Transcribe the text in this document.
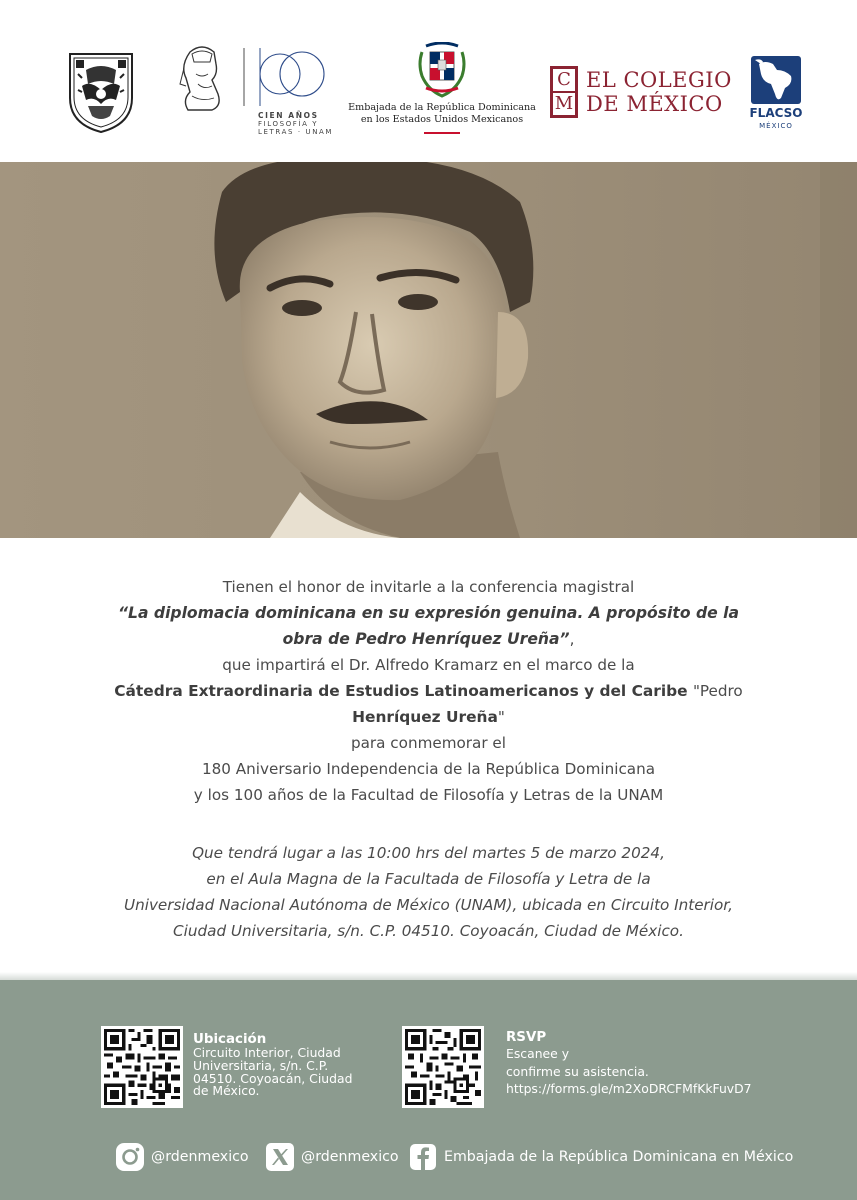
CIEN AÑOS
FILOSOFÍA Y
LETRAS · UNAM
Embajada de la República Dominicana
en los Estados Unidos Mexicanos
C
M
EL COLEGIO
DE MÉXICO	FLACSO
MÉXICO
Tienen el honor de invitarle a la conferencia magistral
“La diplomacia dominicana en su expresión genuina. A propósito de la
obra de Pedro Henríquez Ureña”,
que impartirá el Dr. Alfredo Kramarz en el marco de la
Cátedra Extraordinaria de Estudios Latinoamericanos y del Caribe "Pedro
Henríquez Ureña"
para conmemorar el
180 Aniversario Independencia de la República Dominicana
y los 100 años de la Facultad de Filosofía y Letras de la UNAM
Que tendrá lugar a las 10:00 hrs del martes 5 de marzo 2024,
en el Aula Magna de la Facultada de Filosofía y Letra de la
Universidad Nacional Autónoma de México (UNAM), ubicada en Circuito Interior,
Ciudad Universitaria, s/n. C.P. 04510. Coyoacán, Ciudad de México.
Ubicación
Circuito Interior, Ciudad
Universitaria, s/n. C.P.
04510. Coyoacán, Ciudad
de México.
RSVP
Escanee y
confirme su asistencia.
https://forms.gle/m2XoDRCFMfKkFuvD7
@rdenmexico	@rdenmexico	Embajada de la República Dominicana en México
